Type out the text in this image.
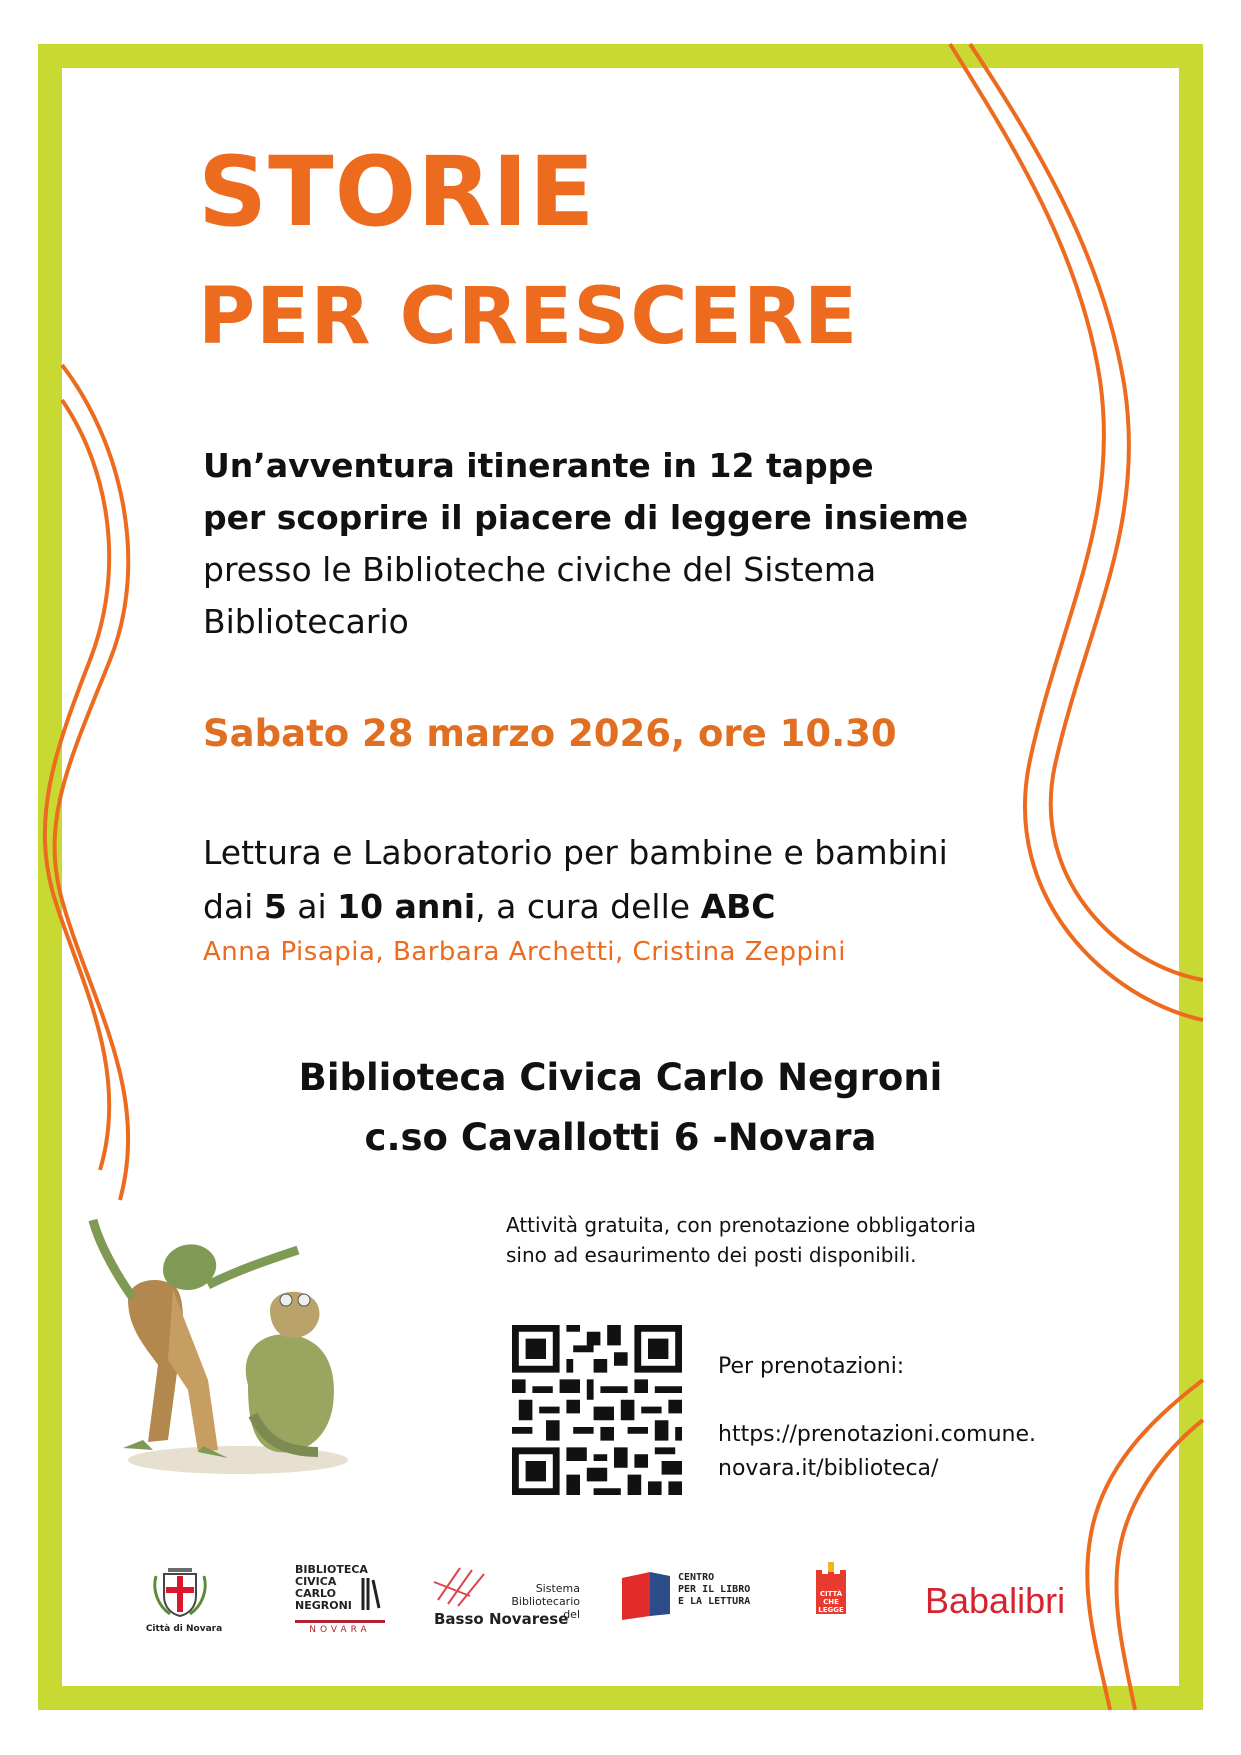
STORIE
PER CRESCERE
Un’avventura itinerante in 12 tappe
per scoprire il piacere di leggere insieme
presso le Biblioteche civiche del Sistema
Bibliotecario
Sabato 28 marzo 2026, ore 10.30
Lettura e Laboratorio per bambine e bambini
dai 5 ai 10 anni, a cura delle ABC
Anna Pisapia, Barbara Archetti, Cristina Zeppini
Biblioteca Civica Carlo Negroni
c.so Cavallotti 6 -Novara
Attività gratuita, con prenotazione obbligatoria
sino ad esaurimento dei posti disponibili.
Per prenotazioni:
https://prenotazioni.comune.
novara.it/biblioteca/
Città di Novara
BIBLIOTECA
CIVICA
CARLO
NEGRONI
NOVARA
Sistema
Bibliotecario del
Basso Novarese
CENTRO
PER IL LIBRO
E LA LETTURA
CITTÀ
CHE LEGGE Babalibri
